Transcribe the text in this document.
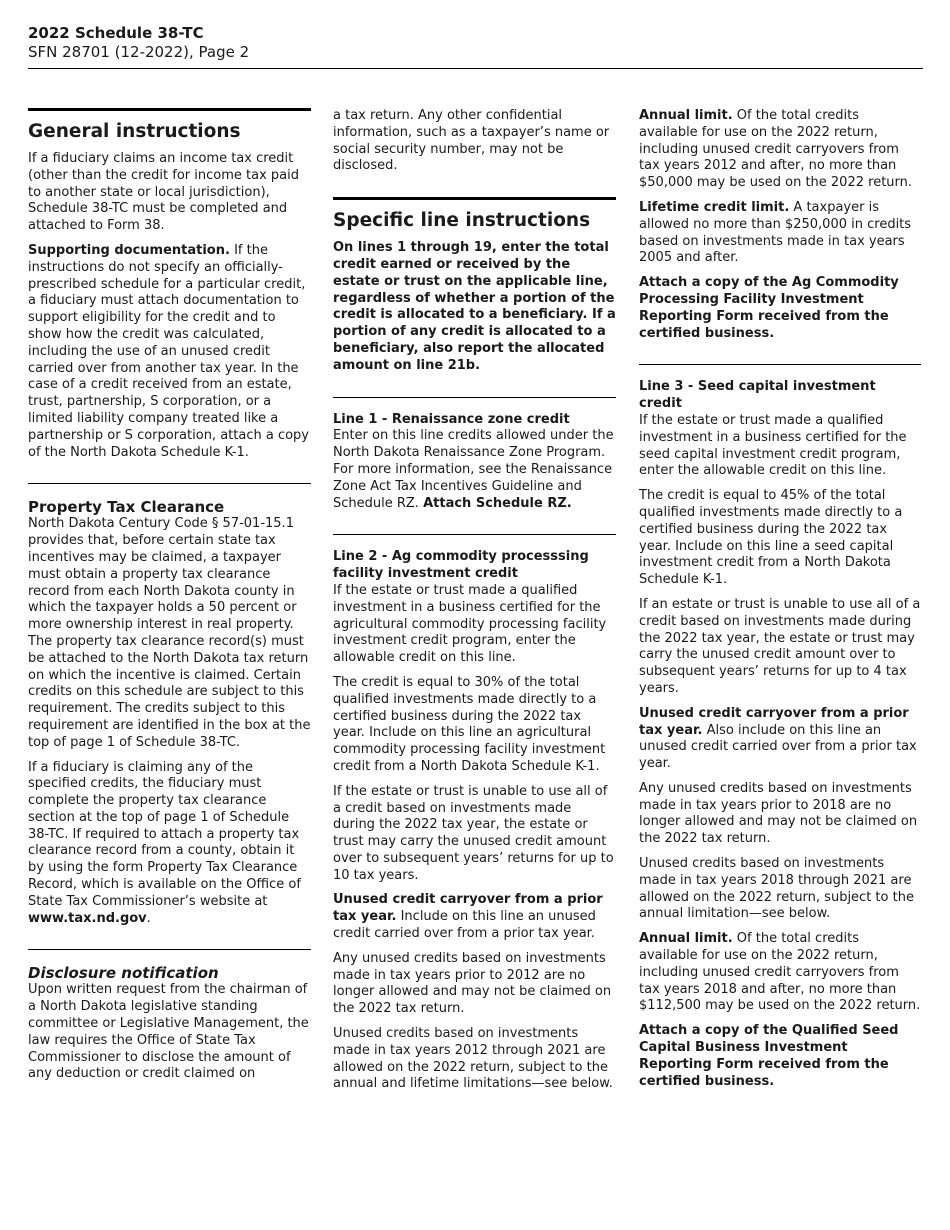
2022 Schedule 38-TC
SFN 28701 (12-2022), Page 2
General instructions

If a fiduciary claims an income tax credit (other than the credit for income tax paid to another state or local jurisdiction), Schedule 38-TC must be completed and attached to Form 38.

Supporting documentation. If the instructions do not specify an officially-prescribed schedule for a particular credit, a fiduciary must attach documentation to support eligibility for the credit and to show how the credit was calculated, including the use of an unused credit carried over from another tax year. In the case of a credit received from an estate, trust, partnership, S corporation, or a limited liability company treated like a partnership or S corporation, attach a copy of the North Dakota Schedule K-1.

Property Tax Clearance

North Dakota Century Code § 57-01-15.1 provides that, before certain state tax incentives may be claimed, a taxpayer must obtain a property tax clearance record from each North Dakota county in which the taxpayer holds a 50 percent or more ownership interest in real property. The property tax clearance record(s) must be attached to the North Dakota tax return on which the incentive is claimed. Certain credits on this schedule are subject to this requirement. The credits subject to this requirement are identified in the box at the top of page 1 of Schedule 38-TC.

If a fiduciary is claiming any of the specified credits, the fiduciary must complete the property tax clearance section at the top of page 1 of Schedule 38-TC. If required to attach a property tax clearance record from a county, obtain it by using the form Property Tax Clearance Record, which is available on the Office of State Tax Commissioner’s website at www.tax.nd.gov.

Disclosure notification

Upon written request from the chairman of a North Dakota legislative standing committee or Legislative Management, the law requires the Office of State Tax Commissioner to disclose the amount of any deduction or credit claimed on

a tax return. Any other confidential information, such as a taxpayer’s name or social security number, may not be disclosed.

Specific line instructions

On lines 1 through 19, enter the total credit earned or received by the estate or trust on the applicable line, regardless of whether a portion of the credit is allocated to a beneficiary. If a portion of any credit is allocated to a beneficiary, also report the allocated amount on line 21b.

Line 1 - Renaissance zone credit

Enter on this line credits allowed under the North Dakota Renaissance Zone Program. For more information, see the Renaissance Zone Act Tax Incentives Guideline and Schedule RZ. Attach Schedule RZ.

Line 2 - Ag commodity processsing facility investment credit

If the estate or trust made a qualified investment in a business certified for the agricultural commodity processing facility investment credit program, enter the allowable credit on this line.

The credit is equal to 30% of the total qualified investments made directly to a certified business during the 2022 tax year. Include on this line an agricultural commodity processing facility investment credit from a North Dakota Schedule K-1.

If the estate or trust is unable to use all of a credit based on investments made during the 2022 tax year, the estate or trust may carry the unused credit amount over to subsequent years’ returns for up to 10 tax years.

Unused credit carryover from a prior tax year. Include on this line an unused credit carried over from a prior tax year.

Any unused credits based on investments made in tax years prior to 2012 are no longer allowed and may not be claimed on the 2022 tax return.

Unused credits based on investments made in tax years 2012 through 2021 are allowed on the 2022 return, subject to the annual and lifetime limitations—see below.

Annual limit. Of the total credits available for use on the 2022 return, including unused credit carryovers from tax years 2012 and after, no more than $50,000 may be used on the 2022 return.

Lifetime credit limit. A taxpayer is allowed no more than $250,000 in credits based on investments made in tax years 2005 and after.

Attach a copy of the Ag Commodity Processing Facility Investment Reporting Form received from the certified business.

Line 3 - Seed capital investment credit

If the estate or trust made a qualified investment in a business certified for the seed capital investment credit program, enter the allowable credit on this line.

The credit is equal to 45% of the total qualified investments made directly to a certified business during the 2022 tax year. Include on this line a seed capital investment credit from a North Dakota Schedule K-1.

If an estate or trust is unable to use all of a credit based on investments made during the 2022 tax year, the estate or trust may carry the unused credit amount over to subsequent years’ returns for up to 4 tax years.

Unused credit carryover from a prior tax year. Also include on this line an unused credit carried over from a prior tax year.

Any unused credits based on investments made in tax years prior to 2018 are no longer allowed and may not be claimed on the 2022 tax return.

Unused credits based on investments made in tax years 2018 through 2021 are allowed on the 2022 return, subject to the annual limitation—see below.

Annual limit. Of the total credits available for use on the 2022 return, including unused credit carryovers from tax years 2018 and after, no more than $112,500 may be used on the 2022 return.

Attach a copy of the Qualified Seed Capital Business Investment Reporting Form received from the certified business.
